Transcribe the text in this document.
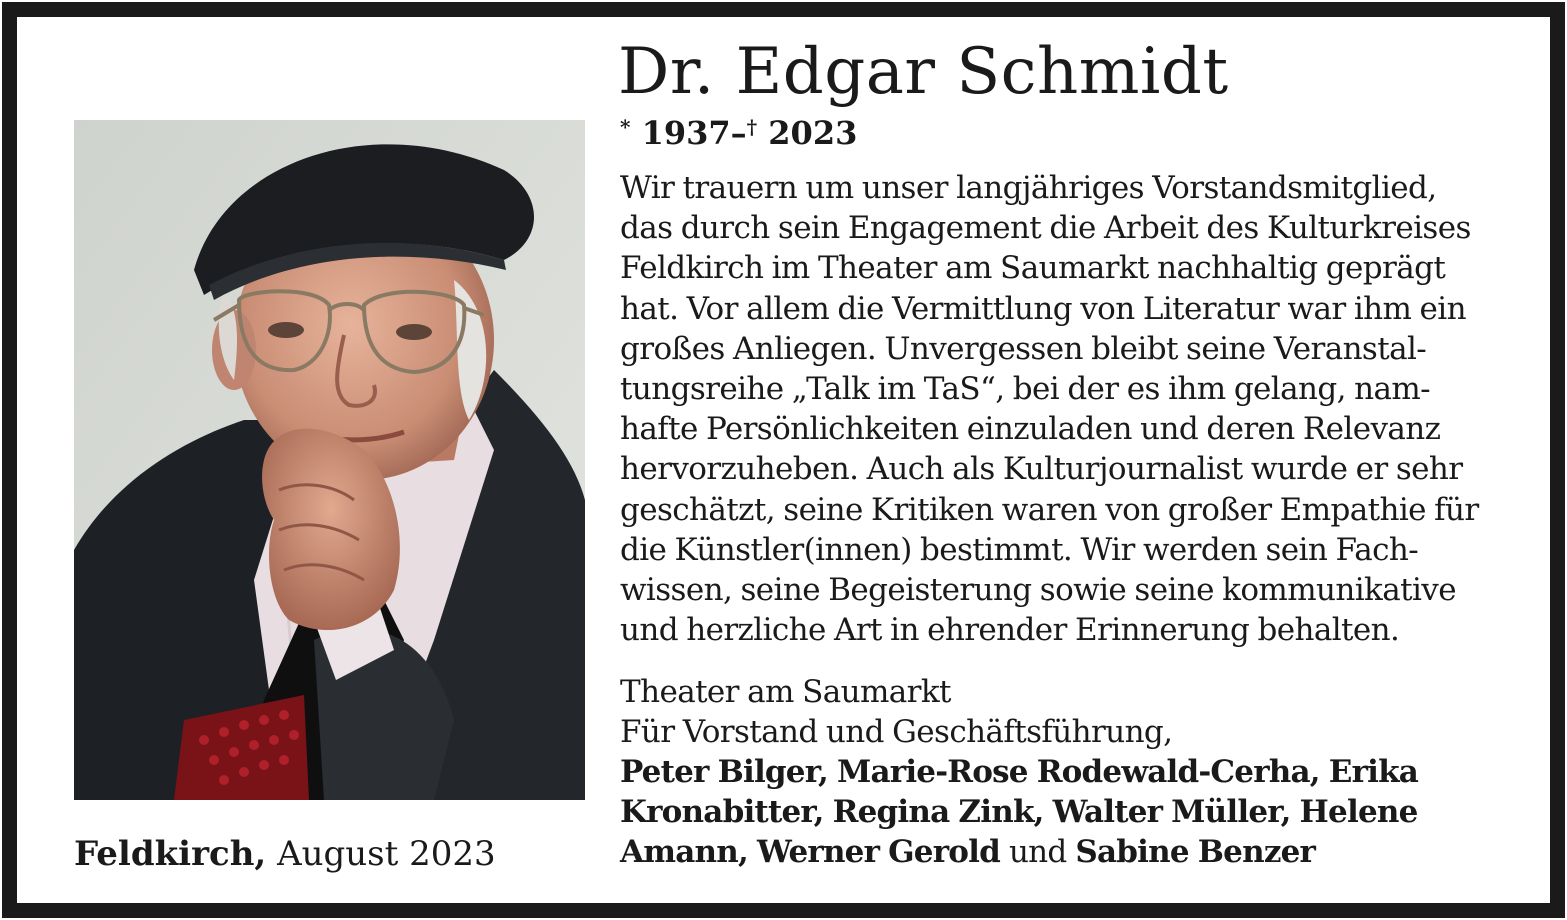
Dr. Edgar Schmidt
* 1937–† 2023
Wir trauern um unser langjähriges Vorstandsmitglied,
das durch sein Engagement die Arbeit des Kulturkreises
Feldkirch im Theater am Saumarkt nachhaltig geprägt
hat. Vor allem die Vermittlung von Literatur war ihm ein
großes Anliegen. Unvergessen bleibt seine Veranstal-
tungsreihe „Talk im TaS“, bei der es ihm gelang, nam-
hafte Persönlichkeiten einzuladen und deren Relevanz
hervorzuheben. Auch als Kulturjournalist wurde er sehr
geschätzt, seine Kritiken waren von großer Empathie für
die Künstler(innen) bestimmt. Wir werden sein Fach-
wissen, seine Begeisterung sowie seine kommunikative
und herzliche Art in ehrender Erinnerung behalten.
Theater am Saumarkt
Für Vorstand und Geschäftsführung,
Peter Bilger, Marie-Rose Rodewald-Cerha, Erika
Kronabitter, Regina Zink, Walter Müller, Helene
Amann, Werner Gerold und Sabine Benzer
Feldkirch, August 2023
